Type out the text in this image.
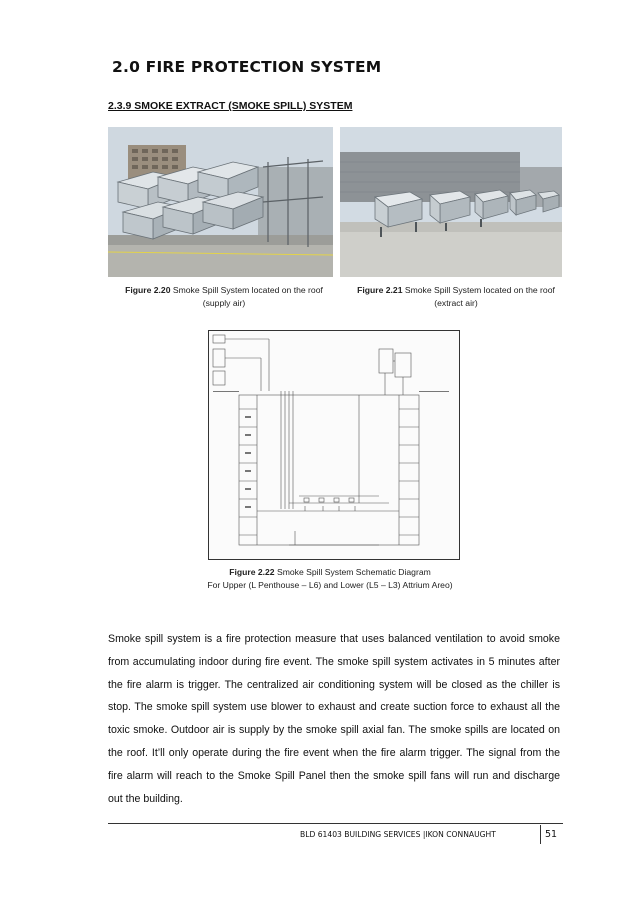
2.0 FIRE PROTECTION SYSTEM
2.3.9 SMOKE EXTRACT (SMOKE SPILL) SYSTEM
Figure 2.20 Smoke Spill System located on the roof
(supply air)
Figure 2.21 Smoke Spill System located on the roof
(extract air)
Figure 2.22 Smoke Spill System Schematic Diagram
For Upper (L Penthouse – L6) and Lower (L5 – L3) Attrium Areo)

Smoke spill system is a fire protection measure that uses balanced ventilation to avoid smoke from accumulating indoor during fire event. The smoke spill system activates in 5 minutes after the fire alarm is trigger. The centralized air conditioning system will be closed as the chiller is stop. The smoke spill system use blower to exhaust and create suction force to exhaust all the toxic smoke. Outdoor air is supply by the smoke spill axial fan. The smoke spills are located on the roof. It’ll only operate during the fire event when the fire alarm trigger. The signal from the fire alarm will reach to the Smoke Spill Panel then the smoke spill fans will run and discharge out the building.

BLD 61403 BUILDING SERVICES |IKON CONNAUGHT	51
